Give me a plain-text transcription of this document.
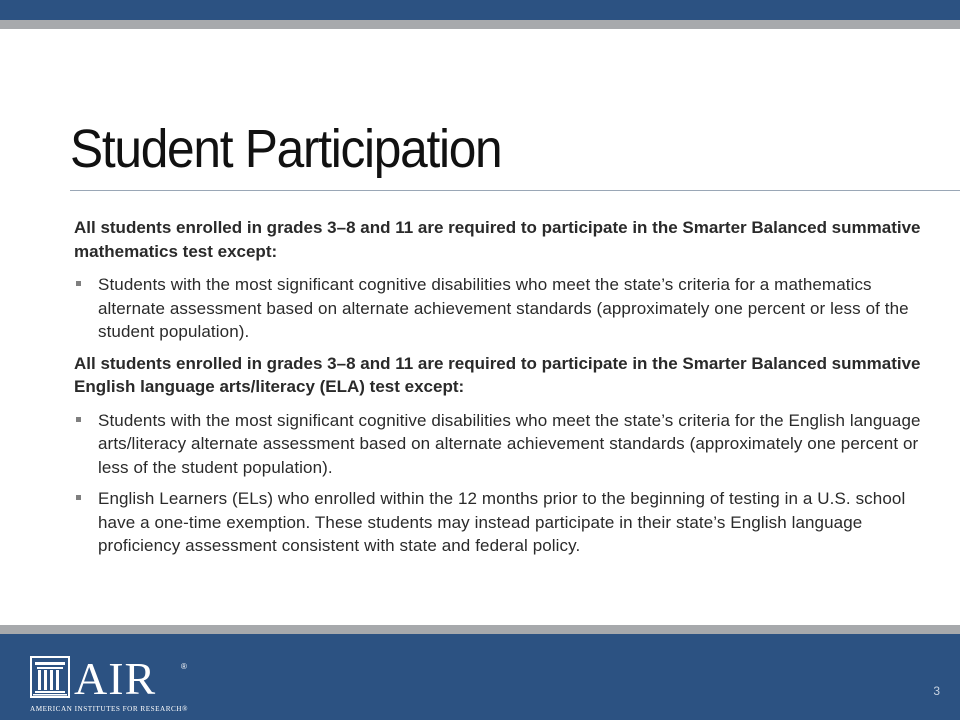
Student Participation

All students enrolled in grades 3–8 and 11 are required to participate in the Smarter Balanced summative mathematics test except:

Students with the most significant cognitive disabilities who meet the state’s criteria for a mathematics alternate assessment based on alternate achievement standards (approximately one percent or less of the student population).

All students enrolled in grades 3–8 and 11 are required to participate in the Smarter Balanced summative English language arts/literacy (ELA) test except:

Students with the most significant cognitive disabilities who meet the state’s criteria for the English language arts/literacy alternate assessment based on alternate achievement standards (approximately one percent or less of the student population).
English Learners (ELs) who enrolled within the 12 months prior to the beginning of testing in a U.S. school have a one-time exemption. These students may instead participate in their state’s English language proficiency assessment consistent with state and federal policy.
AIR	®
AMERICAN INSTITUTES FOR RESEARCH®
3
